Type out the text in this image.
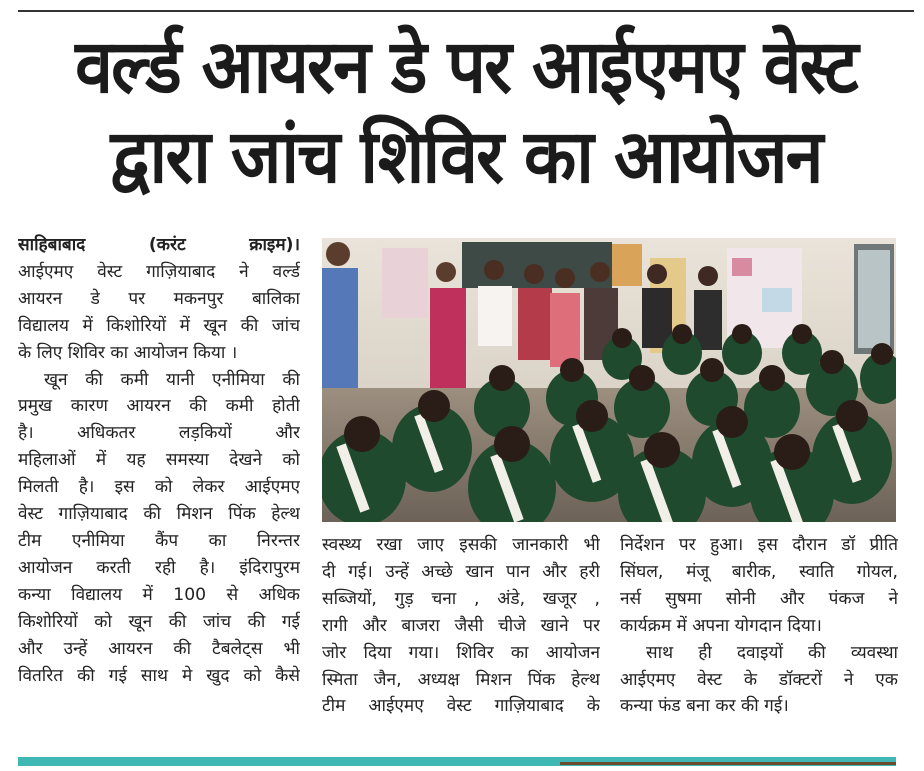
वर्ल्ड आयरन डे पर आईएमए वेस्ट
द्वारा जांच शिविर का आयोजन
साहिबाबाद (करंट क्राइम)।
आईएमए वेस्ट गाज़ियाबाद ने वर्ल्ड
आयरन डे पर मकनपुर बालिका
विद्यालय में किशोरियों में खून की जांच
के लिए शिविर का आयोजन किया ।
खून की कमी यानी एनीमिया की
प्रमुख कारण आयरन की कमी होती
है। अधिकतर लड़कियों और
महिलाओं में यह समस्या देखने को
मिलती है। इस को लेकर आईएमए
वेस्ट गाज़ियाबाद की मिशन पिंक हेल्थ
टीम एनीमिया कैंप का निरन्तर
आयोजन करती रही है। इंदिरापुरम
कन्या विद्यालय में 100 से अधिक
किशोरियों को खून की जांच की गई
और उन्हें आयरन की टैबलेट्स भी
वितरित की गई साथ मे खुद को कैसे
स्वस्थ्य रखा जाए इसकी जानकारी भी
दी गई। उन्हें अच्छे खान पान और हरी
सब्जियों, गुड़ चना , अंडे, खजूर ,
रागी और बाजरा जैसी चीजे खाने पर
जोर दिया गया। शिविर का आयोजन
स्मिता जैन, अध्यक्ष मिशन पिंक हेल्थ
टीम आईएमए वेस्ट गाज़ियाबाद के
निर्देशन पर हुआ। इस दौरान डॉ प्रीति
सिंघल, मंजू बारीक, स्वाति गोयल,
नर्स सुषमा सोनी और पंकज ने
कार्यक्रम में अपना योगदान दिया।
साथ ही दवाइयों की व्यवस्था
आईएमए वेस्ट के डॉक्टरों ने एक
कन्या फंड बना कर की गई।
